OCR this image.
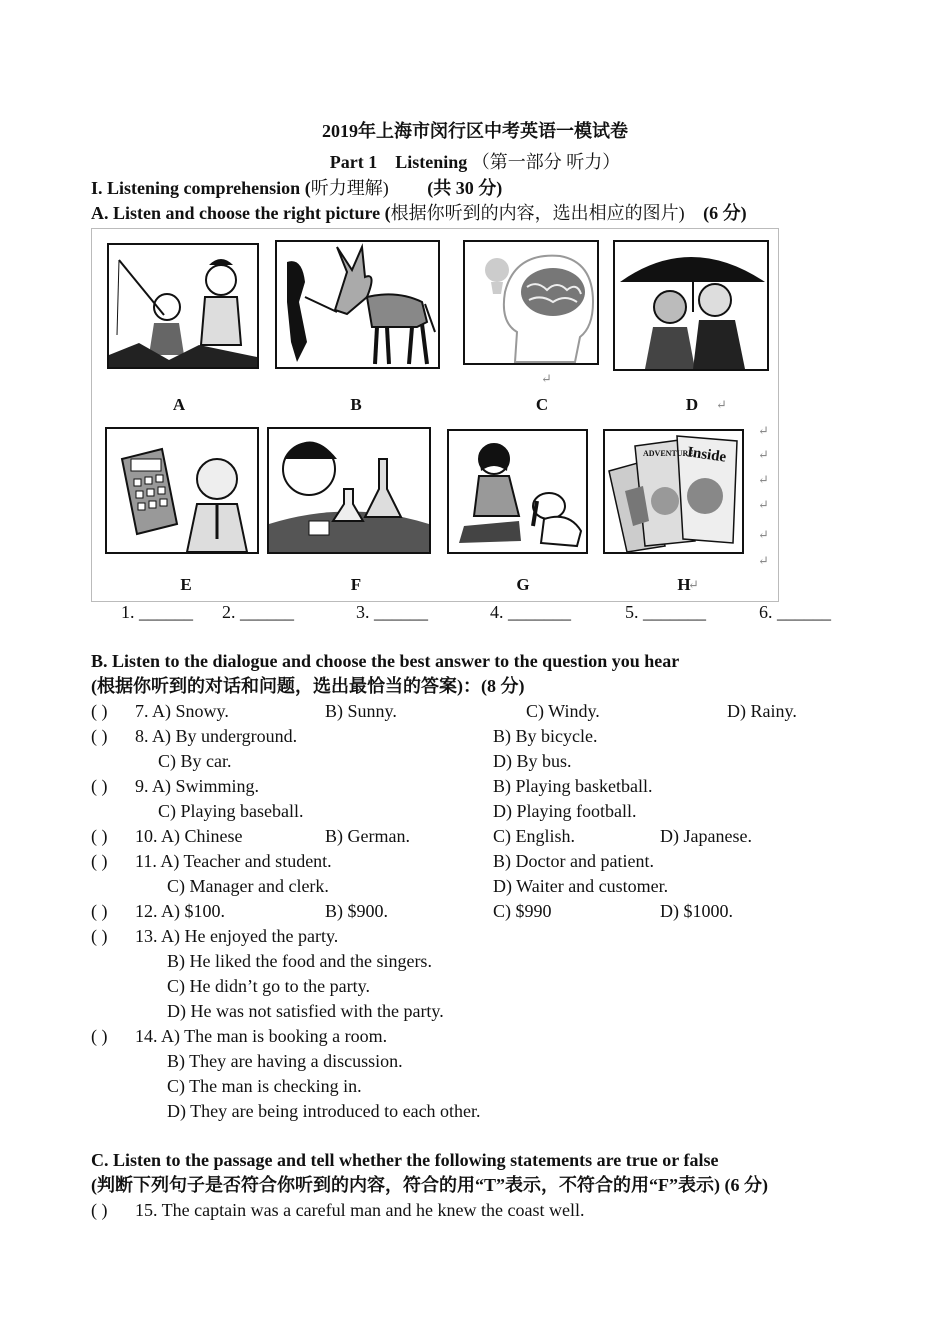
2019年上海市闵行区中考英语一模试卷
Part 1　Listening （第一部分 听力）
I. Listening comprehension (听力理解) (共 30 分)
A. Listen and choose the right picture (根据你听到的内容，选出相应的图片) (6 分)
A	B	C
↵
D	↵
E	F	G
ADVENTURE
Inside
H
↵
↵
↵
↵
↵
↵
↵
1. ______ 2. ______	3. ______	4. _______	5. _______	6. ______
B. Listen to the dialogue and choose the best answer to the question you hear
(根据你听到的对话和问题，选出最恰当的答案)：(8 分)
( ) 7. A) Snowy.	B) Sunny.	C) Windy.	D) Rainy.
( ) 8. A) By underground.	B) By bicycle.
C) By car.	D) By bus.
( ) 9. A) Swimming.	B) Playing basketball.
C) Playing baseball.	D) Playing football.
( ) 10. A) Chinese	B) German.	C) English.	D) Japanese.
( ) 11. A) Teacher and student.	B) Doctor and patient.
C) Manager and clerk.	D) Waiter and customer.
( ) 12. A) $100.	B) $900.	C) $990	D) $1000.
( ) 13. A) He enjoyed the party.
B) He liked the food and the singers.
C) He didn’t go to the party.
D) He was not satisfied with the party.
( ) 14. A) The man is booking a room.
B) They are having a discussion.
C) The man is checking in.
D) They are being introduced to each other.
C. Listen to the passage and tell whether the following statements are true or false
(判断下列句子是否符合你听到的内容，符合的用“T”表示，不符合的用“F”表示) (6 分)
( ) 15. The captain was a careful man and he knew the coast well.
